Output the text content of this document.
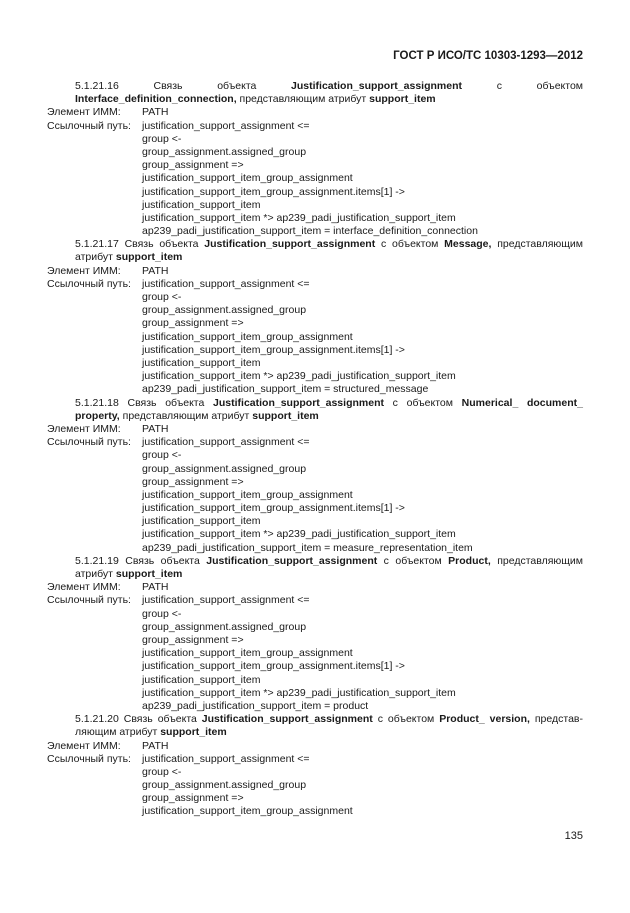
ГОСТ Р ИСО/ТС 10303-1293—2012
5.1.21.16 Связь объекта Justification_support_assignment с объектом Interface_definition_connection, представляющим атрибут support_item
Элемент ИММ: PATH
Ссылочный путь: justification_support_assignment <=
group <-
group_assignment.assigned_group
group_assignment =>
justification_support_item_group_assignment
justification_support_item_group_assignment.items[1] ->
justification_support_item
justification_support_item *> ap239_padi_justification_support_item
ap239_padi_justification_support_item = interface_definition_connection
5.1.21.17 Связь объекта Justification_support_assignment с объектом Message, представляющим атрибут support_item
Элемент ИММ: PATH
Ссылочный путь: justification_support_assignment <=
group <-
group_assignment.assigned_group
group_assignment =>
justification_support_item_group_assignment
justification_support_item_group_assignment.items[1] ->
justification_support_item
justification_support_item *> ap239_padi_justification_support_item
ap239_padi_justification_support_item = structured_message
5.1.21.18 Связь объекта Justification_support_assignment с объектом Numerical_ document_ property, представляющим атрибут support_item
Элемент ИММ: PATH
Ссылочный путь: justification_support_assignment <=
group <-
group_assignment.assigned_group
group_assignment =>
justification_support_item_group_assignment
justification_support_item_group_assignment.items[1] ->
justification_support_item
justification_support_item *> ap239_padi_justification_support_item
ap239_padi_justification_support_item = measure_representation_item
5.1.21.19 Связь объекта Justification_support_assignment с объектом Product, представляющим атрибут support_item
Элемент ИММ: PATH
Ссылочный путь: justification_support_assignment <=
group <-
group_assignment.assigned_group
group_assignment =>
justification_support_item_group_assignment
justification_support_item_group_assignment.items[1] ->
justification_support_item
justification_support_item *> ap239_padi_justification_support_item
ap239_padi_justification_support_item = product
5.1.21.20 Связь объекта Justification_support_assignment с объектом Product_ version, представ-ляющим атрибут support_item
Элемент ИММ: PATH
Ссылочный путь: justification_support_assignment <=
group <-
group_assignment.assigned_group
group_assignment =>
justification_support_item_group_assignment
135
